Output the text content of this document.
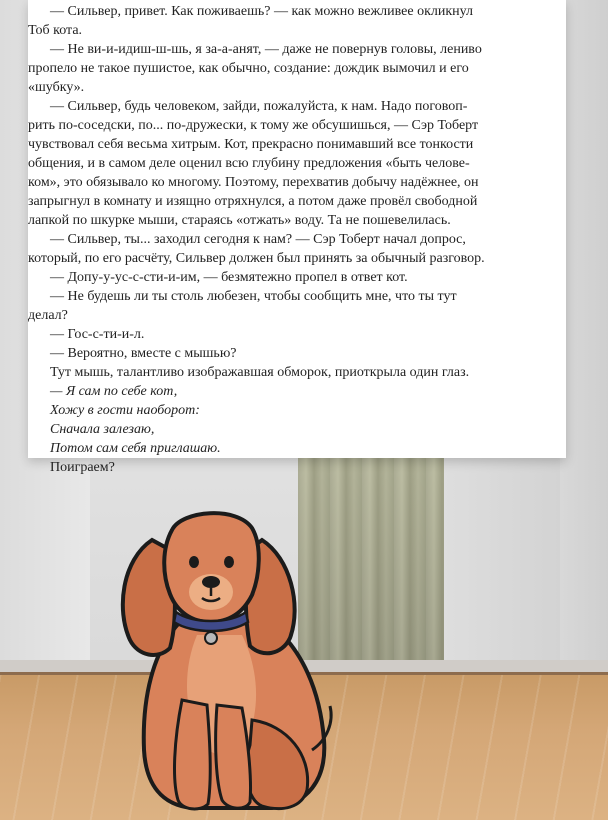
— Сильвер, привет. Как поживаешь? — как можно вежливее окликнул

Тоб кота.

— Не ви-и-идиш-ш-шь, я за-а-анят, — даже не повернув головы, лениво

пропело не такое пушистое, как обычно, создание: дождик вымочил и его

«шубку».

— Сильвер, будь человеком, зайди, пожалуйста, к нам. Надо поговоп-

рить по-соседски, по... по-дружески, к тому же обсушишься, — Сэр Тоберт

чувствовал себя весьма хитрым. Кот, прекрасно понимавший все тонкости

общения, и в самом деле оценил всю глубину предложения «быть челове-

ком», это обязывало ко многому. Поэтому, перехватив добычу надёжнее, он

запрыгнул в комнату и изящно отряхнулся, а потом даже провёл свободной

лапкой по шкурке мыши, стараясь «отжать» воду. Та не пошевелилась.

— Сильвер, ты... заходил сегодня к нам? — Сэр Тоберт начал допрос,

который, по его расчёту, Сильвер должен был принять за обычный разговор.

— Допу-у-ус-с-сти-и-им, — безмятежно пропел в ответ кот.

— Не будешь ли ты столь любезен, чтобы сообщить мне, что ты тут

делал?

— Гос-с-ти-и-л.

— Вероятно, вместе с мышью?

Тут мышь, талантливо изображавшая обморок, приоткрыла один глаз.

— Я сам по себе кот,

Хожу в гости наоборот:

Сначала залезаю,

Потом сам себя приглашаю.

Поиграем?
